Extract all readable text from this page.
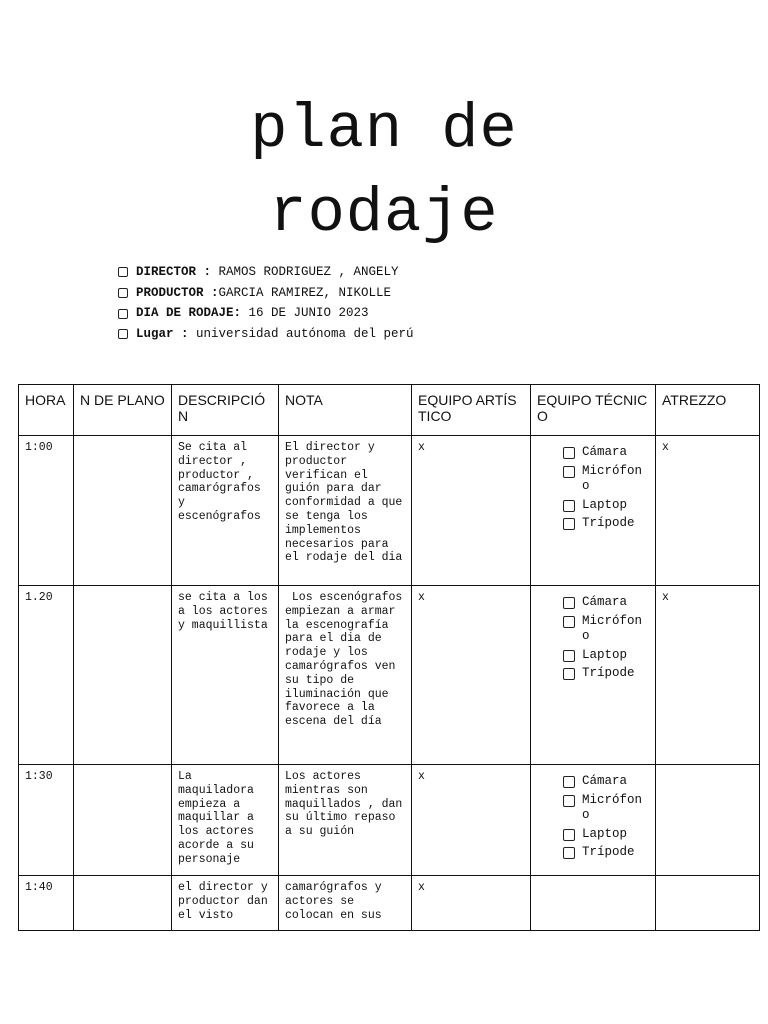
plan de
rodaje
DIRECTOR : RAMOS RODRIGUEZ , ANGELY
PRODUCTOR : GARCIA RAMIREZ, NIKOLLE
DIA DE RODAJE: 16 DE JUNIO 2023
Lugar : universidad autónoma del perú
HORA	N DE PLANO	DESCRIPCIÓN	NOTA	EQUIPO ARTÍSTICO	EQUIPO TÉCNICO	ATREZZO
1:00		Se cita al director , productor , camarógrafos y escenógrafos	El director y productor verifican el guión para dar conformidad a que se tenga los implementos necesarios para el rodaje del dia	x	Cámara
Micrófono
Laptop
Trípode	x
1.20		se cita a los a los actores y maquillista	Los escenógrafos empiezan a armar la escenografía para el dia de rodaje y los camarógrafos ven su tipo de iluminación que favorece a la escena del día	x	Cámara
Micrófono
Laptop
Trípode	x
1:30		La maquiladora empieza a maquillar a los actores acorde a su personaje	Los actores mientras son maquillados , dan su último repaso a su guión	x	Cámara
Micrófono
Laptop
Trípode	

1:40		el director y productor dan el visto	camarógrafos y actores se colocan en sus	x		
